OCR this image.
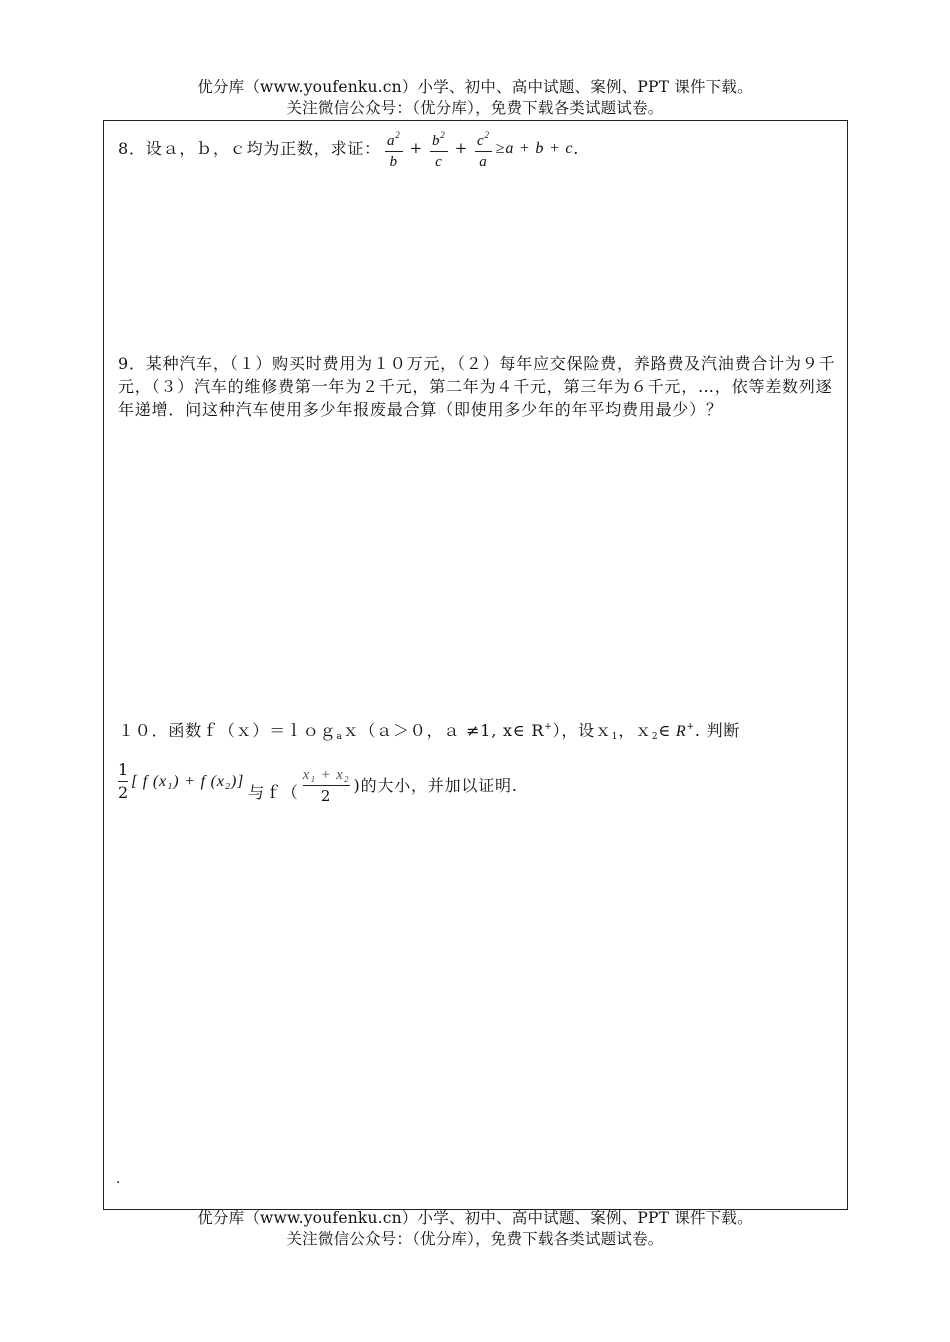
优分库（www.youfenku.cn）小学、初中、高中试题、案例、PPT 课件下载。
关注微信公众号：（优分库），免费下载各类试题试卷。
8．设ａ，ｂ，ｃ均为正数，求证： $\frac{a^2}{b} + \frac{b^2}{c} + \frac{c^2}{a} \ge a + b + c$ .
9．某种汽车，（１）购买时费用为１０万元，（２）每年应交保险费，养路费及汽油费合计为９千元，（３）汽车的维修费第一年为２千元，第二年为４千元，第三年为６千元，…，依等差数列逐年递增．问这种汽车使用多少年报废最合算（即使用多少年的年平均费用最少）？
１０．函数ｆ（ｘ）＝ｌｏｇ$_a$ｘ（ａ＞０，ａ ≠1, x∈ R+），设ｘ$_1$，ｘ$_2$∈ R+. 判断
1
2
[ f (x₁) + f (x₂)]
与ｆ（ $\frac{\text{x₁ + x₂}}{2}$ )的大小，并加以证明.
.
优分库（www.youfenku.cn）小学、初中、高中试题、案例、PPT 课件下载。
关注微信公众号：（优分库），免费下载各类试题试卷。
